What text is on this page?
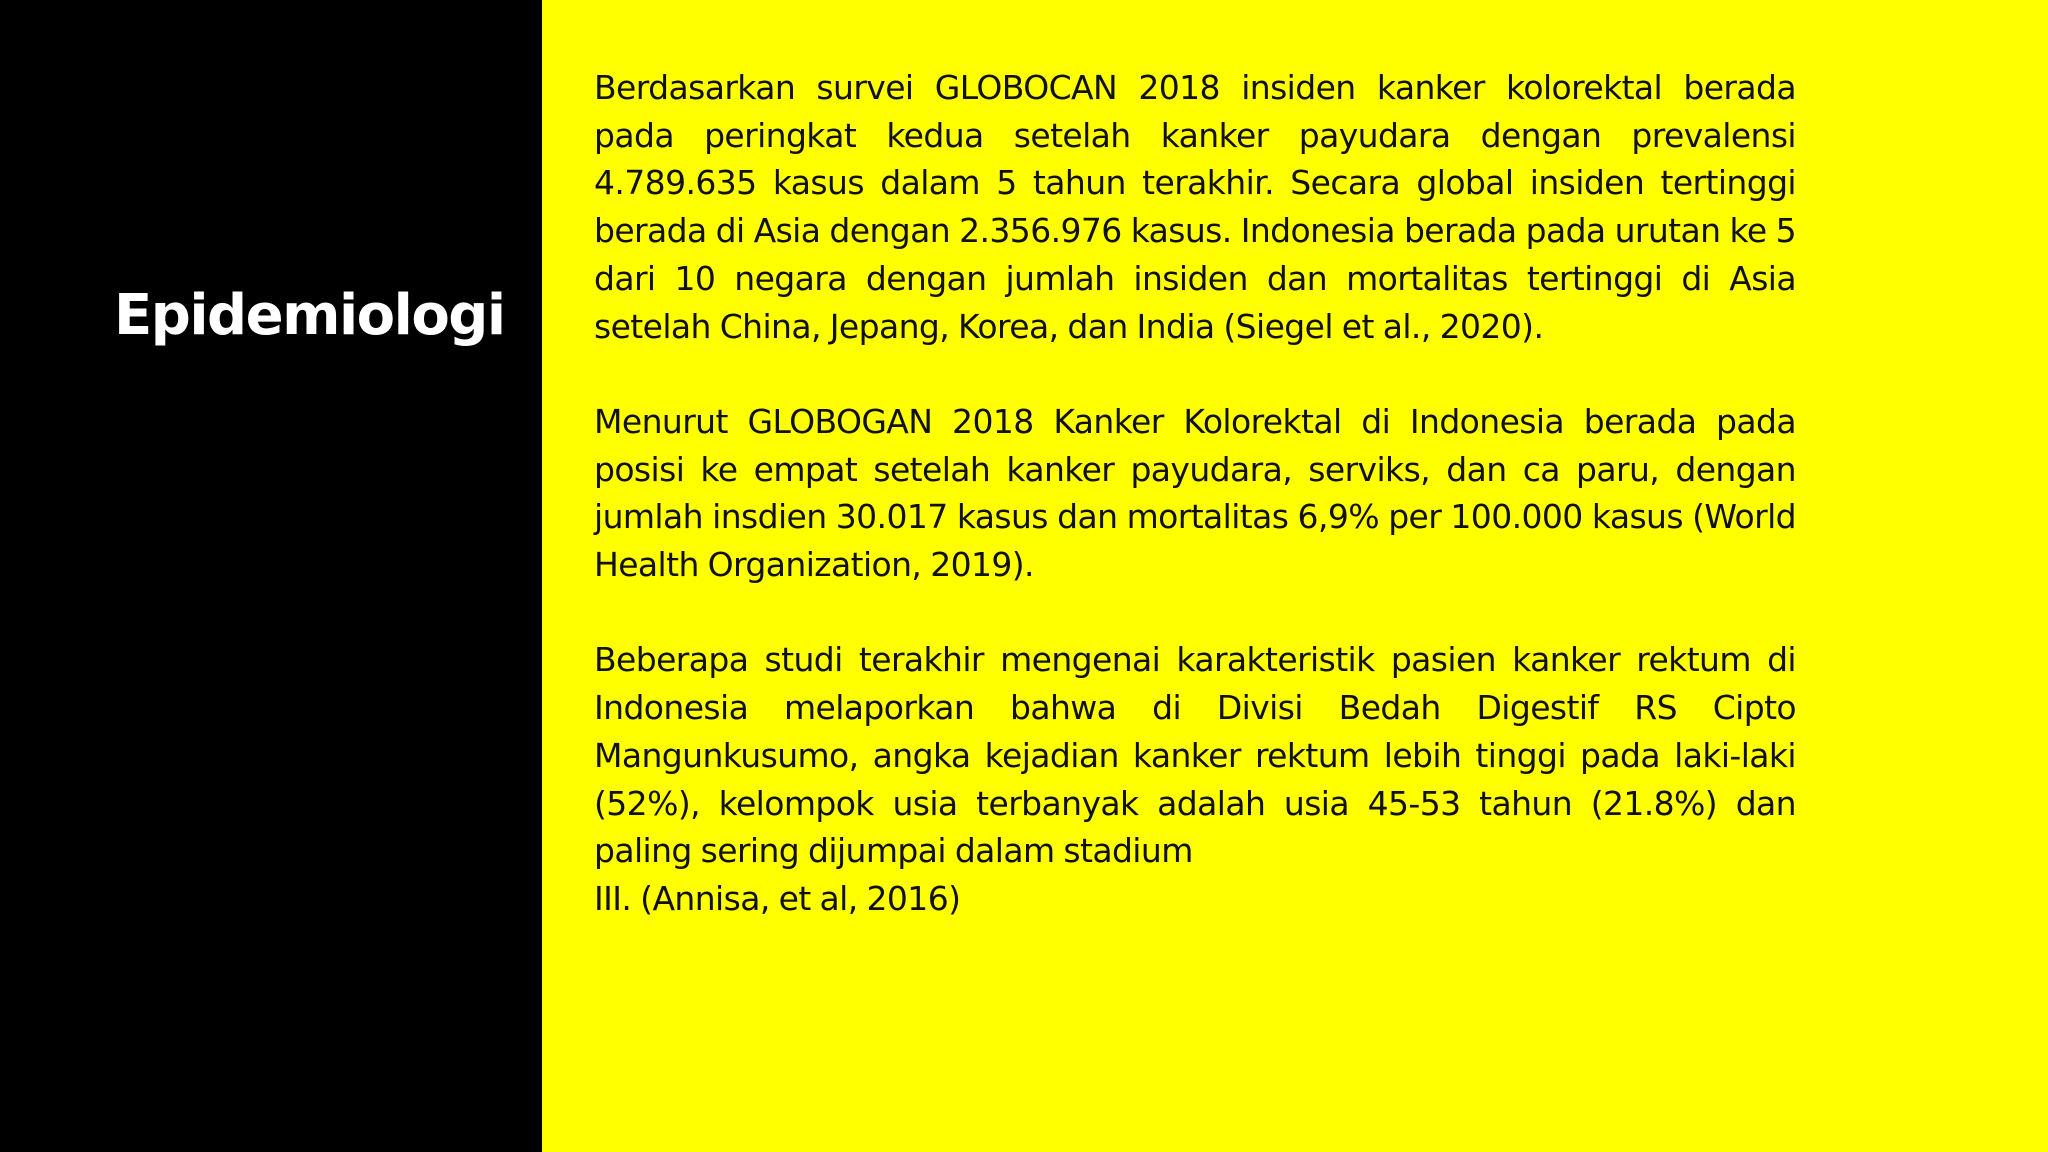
Epidemiologi

Berdasarkan survei GLOBOCAN 2018 insiden kanker kolorektal berada pada peringkat kedua setelah kanker payudara dengan prevalensi 4.789.635 kasus dalam 5 tahun terakhir. Secara global insiden tertinggi berada di Asia dengan 2.356.976 kasus. Indonesia berada pada urutan ke 5 dari 10 negara dengan jumlah insiden dan mortalitas tertinggi di Asia setelah China, Jepang, Korea, dan India (Siegel et al., 2020).

Menurut GLOBOGAN 2018 Kanker Kolorektal di Indonesia berada pada posisi ke empat setelah kanker payudara, serviks, dan ca paru, dengan jumlah insdien 30.017 kasus dan mortalitas 6,9% per 100.000 kasus (World Health Organization, 2019).

Beberapa studi terakhir mengenai karakteristik pasien kanker rektum di Indonesia melaporkan bahwa di Divisi Bedah Digestif RS Cipto Mangunkusumo, angka kejadian kanker rektum lebih tinggi pada laki-laki (52%), kelompok usia terbanyak adalah usia 45-53 tahun (21.8%) dan paling sering dijumpai dalam stadium

III. (Annisa, et al, 2016)
